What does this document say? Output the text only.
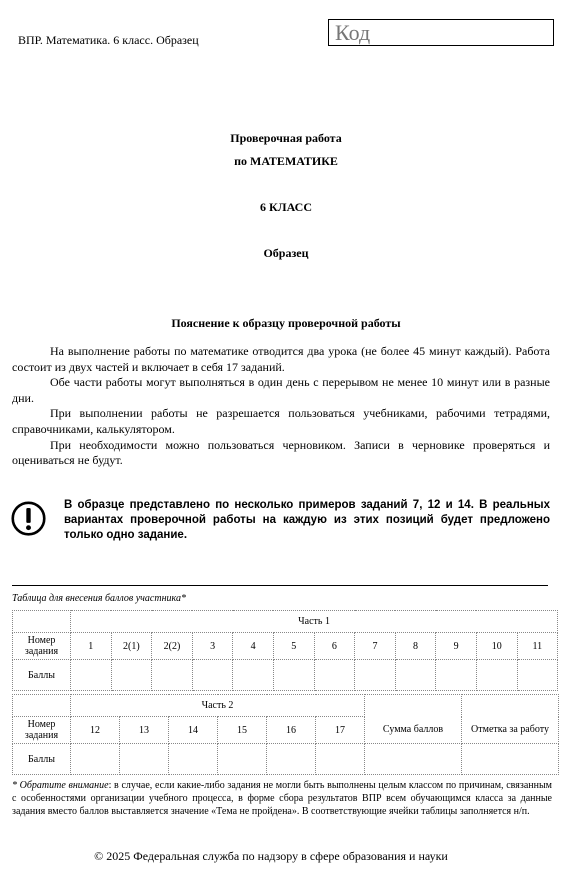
ВПР. Математика. 6 класс. Образец	Код
Проверочная работа
по МАТЕМАТИКЕ
6 КЛАСС
Образец
Пояснение к образцу проверочной работы

На выполнение работы по математике отводится два урока (не более 45 минут каждый). Работа состоит из двух частей и включает в себя 17 заданий.

Обе части работы могут выполняться в один день с перерывом не менее 10 минут или в разные дни.

При выполнении работы не разрешается пользоваться учебниками, рабочими тетрадями, справочниками, калькулятором.

При необходимости можно пользоваться черновиком. Записи в черновике проверяться и оцениваться не будут.

В образце представлено по несколько примеров заданий 7, 12 и 14. В реальных вариантах проверочной работы на каждую из этих позиций будет предложено только одно задание.
Таблица для внесения баллов участника*
	Часть 1											
Номер задания	1	2(1)	2(2)	3	4	5	6	7	8	9	10	11
Баллы												
	Часть 2							
Номер задания	12	13	14	15	16	17	Сумма баллов	Отметка за работу
Баллы								
* Обратите внимание: в случае, если какие-либо задания не могли быть выполнены целым классом по причинам, связанным с особенностями организации учебного процесса, в форме сбора результатов ВПР всем обучающимся класса за данные задания вместо баллов выставляется значение «Тема не пройдена». В соответствующие ячейки таблицы заполняется н/п.
© 2025 Федеральная служба по надзору в сфере образования и науки
